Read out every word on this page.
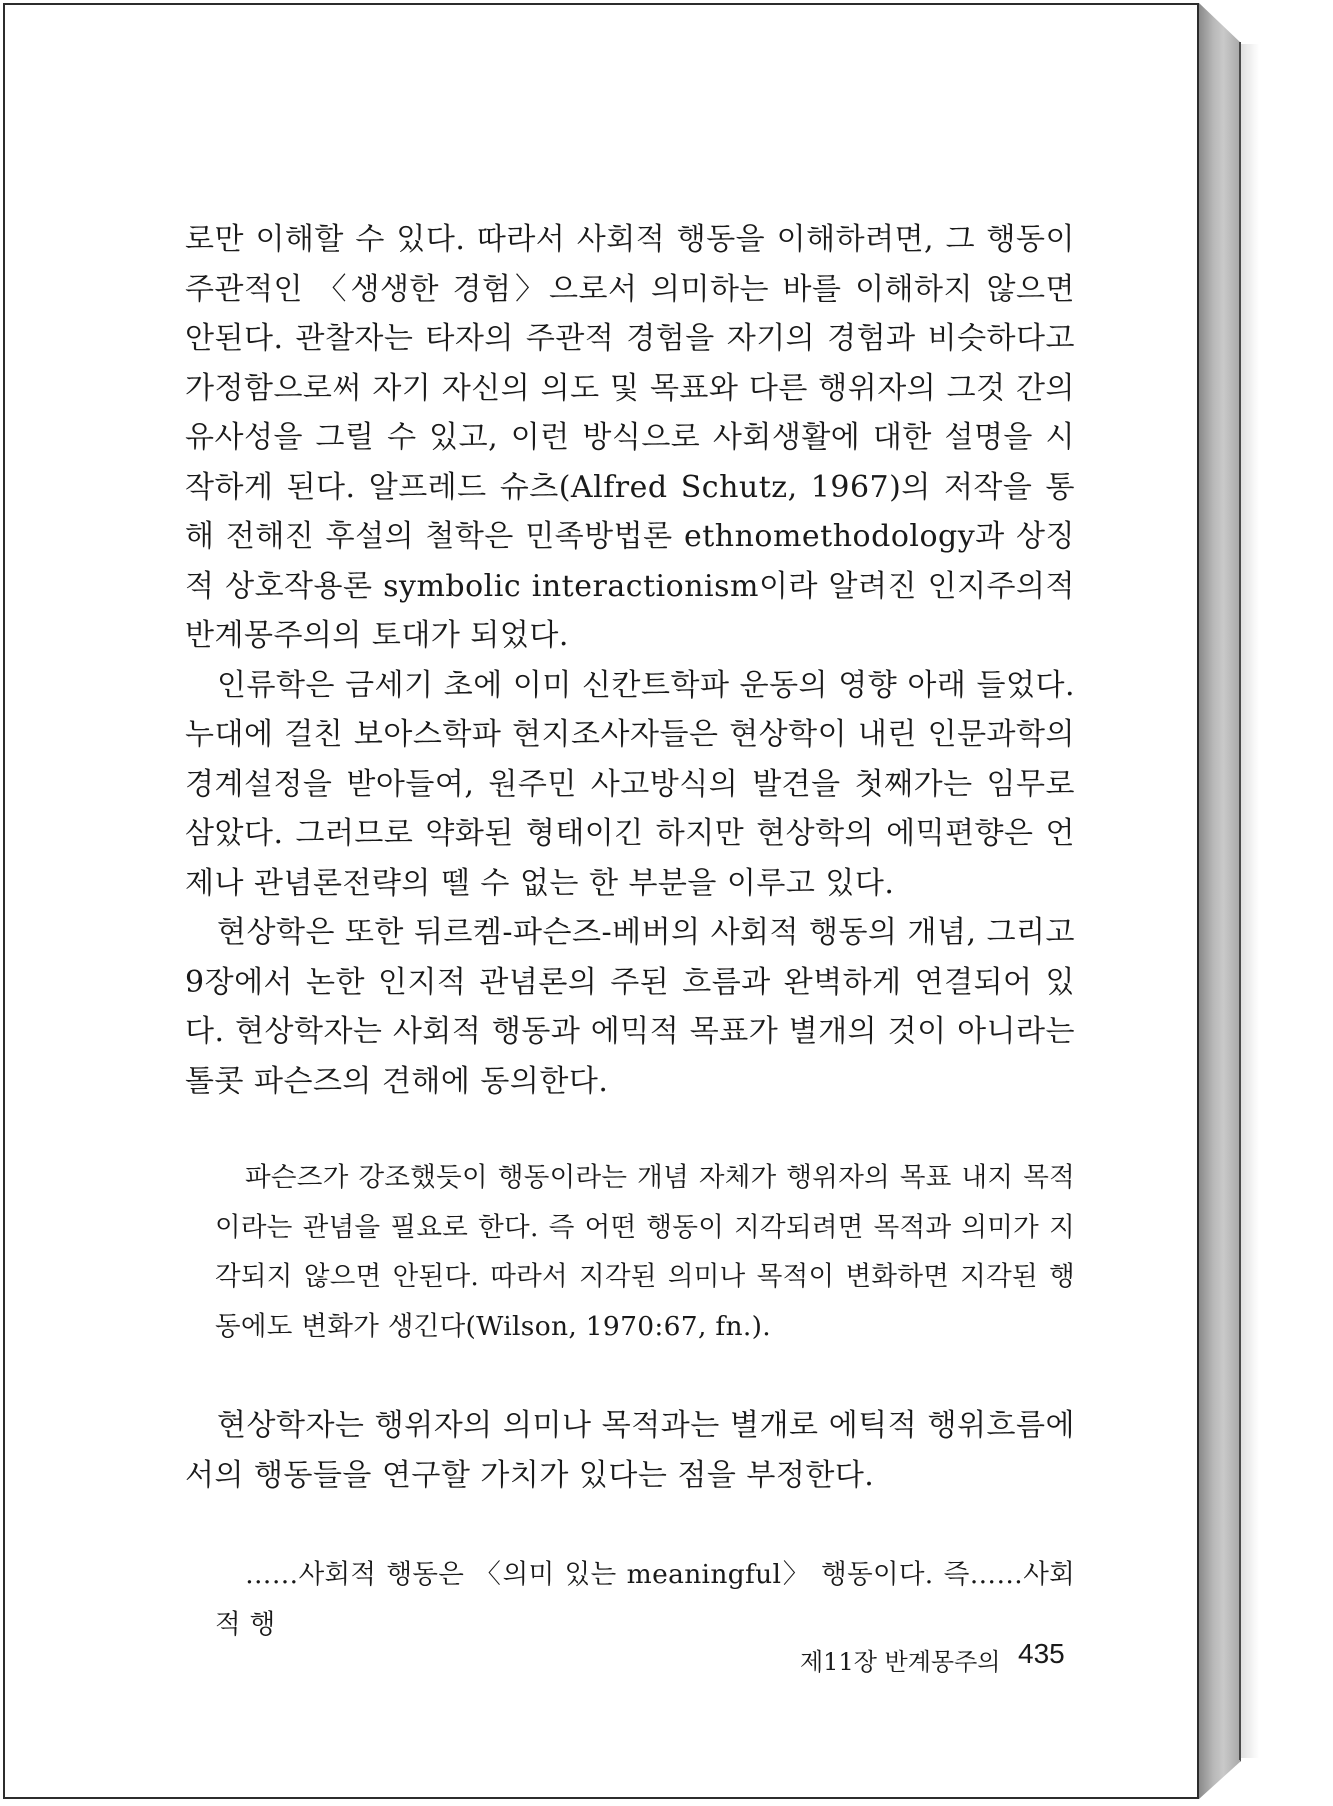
로만 이해할 수 있다. 따라서 사회적 행동을 이해하려면, 그 행동이 주관적인 〈생생한 경험〉으로서 의미하는 바를 이해하지 않으면 안된다. 관찰자는 타자의 주관적 경험을 자기의 경험과 비슷하다고 가정함으로써 자기 자신의 의도 및 목표와 다른 행위자의 그것 간의 유사성을 그릴 수 있고, 이런 방식으로 사회생활에 대한 설명을 시작하게 된다. 알프레드 슈츠(Alfred Schutz, 1967)의 저작을 통해 전해진 후설의 철학은 민족방법론 ethnomethodology과 상징적 상호작용론 symbolic interactionism이라 알려진 인지주의적 반계몽주의의 토대가 되었다.

인류학은 금세기 초에 이미 신칸트학파 운동의 영향 아래 들었다. 누대에 걸친 보아스학파 현지조사자들은 현상학이 내린 인문과학의 경계설정을 받아들여, 원주민 사고방식의 발견을 첫째가는 임무로 삼았다. 그러므로 약화된 형태이긴 하지만 현상학의 에믹편향은 언제나 관념론전략의 뗄 수 없는 한 부분을 이루고 있다.

현상학은 또한 뒤르켐-파슨즈-베버의 사회적 행동의 개념, 그리고 9장에서 논한 인지적 관념론의 주된 흐름과 완벽하게 연결되어 있다. 현상학자는 사회적 행동과 에믹적 목표가 별개의 것이 아니라는 톨콧 파슨즈의 견해에 동의한다.

파슨즈가 강조했듯이 행동이라는 개념 자체가 행위자의 목표 내지 목적이라는 관념을 필요로 한다. 즉 어떤 행동이 지각되려면 목적과 의미가 지각되지 않으면 안된다. 따라서 지각된 의미나 목적이 변화하면 지각된 행동에도 변화가 생긴다(Wilson, 1970:67, fn.).

현상학자는 행위자의 의미나 목적과는 별개로 에틱적 행위흐름에서의 행동들을 연구할 가치가 있다는 점을 부정한다.

……사회적 행동은 〈의미 있는 meaningful〉 행동이다. 즉……사회적 행

제11장 반계몽주의 435
